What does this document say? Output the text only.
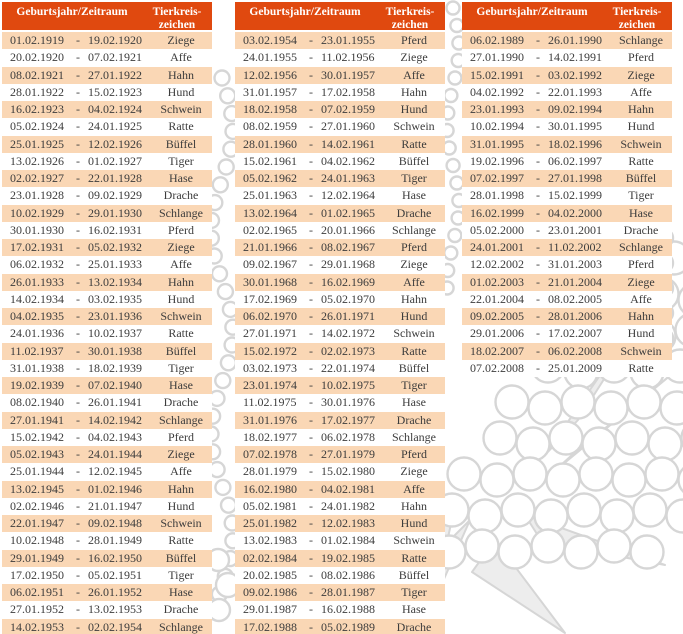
Geburtsjahr/Zeitraum	Tierkreis-
zeichen
01.02.1919	- 19.02.1920	Ziege
20.02.1920	- 07.02.1921	Affe
08.02.1921	- 27.01.1922	Hahn
28.01.1922	- 15.02.1923	Hund
16.02.1923	- 04.02.1924	Schwein
05.02.1924	- 24.01.1925	Ratte
25.01.1925	- 12.02.1926	Büffel
13.02.1926	- 01.02.1927	Tiger
02.02.1927	- 22.01.1928	Hase
23.01.1928	- 09.02.1929	Drache
10.02.1929	- 29.01.1930	Schlange
30.01.1930	- 16.02.1931	Pferd
17.02.1931	- 05.02.1932	Ziege
06.02.1932	- 25.01.1933	Affe
26.01.1933	- 13.02.1934	Hahn
14.02.1934	- 03.02.1935	Hund
04.02.1935	- 23.01.1936	Schwein
24.01.1936	- 10.02.1937	Ratte
11.02.1937	- 30.01.1938	Büffel
31.01.1938	- 18.02.1939	Tiger
19.02.1939	- 07.02.1940	Hase
08.02.1940	- 26.01.1941	Drache
27.01.1941	- 14.02.1942	Schlange
15.02.1942	- 04.02.1943	Pferd
05.02.1943	- 24.01.1944	Ziege
25.01.1944	- 12.02.1945	Affe
13.02.1945	- 01.02.1946	Hahn
02.02.1946	- 21.01.1947	Hund
22.01.1947	- 09.02.1948	Schwein
10.02.1948	- 28.01.1949	Ratte
29.01.1949	- 16.02.1950	Büffel
17.02.1950	- 05.02.1951	Tiger
06.02.1951	- 26.01.1952	Hase
27.01.1952	- 13.02.1953	Drache
14.02.1953	- 02.02.1954	Schlange
Geburtsjahr/Zeitraum	Tierkreis-
zeichen
03.02.1954	- 23.01.1955	Pferd
24.01.1955	- 11.02.1956	Ziege
12.02.1956	- 30.01.1957	Affe
31.01.1957	- 17.02.1958	Hahn
18.02.1958	- 07.02.1959	Hund
08.02.1959	- 27.01.1960	Schwein
28.01.1960	- 14.02.1961	Ratte
15.02.1961	- 04.02.1962	Büffel
05.02.1962	- 24.01.1963	Tiger
25.01.1963	- 12.02.1964	Hase
13.02.1964	- 01.02.1965	Drache
02.02.1965	- 20.01.1966	Schlange
21.01.1966	- 08.02.1967	Pferd
09.02.1967	- 29.01.1968	Ziege
30.01.1968	- 16.02.1969	Affe
17.02.1969	- 05.02.1970	Hahn
06.02.1970	- 26.01.1971	Hund
27.01.1971	- 14.02.1972	Schwein
15.02.1972	- 02.02.1973	Ratte
03.02.1973	- 22.01.1974	Büffel
23.01.1974	- 10.02.1975	Tiger
11.02.1975	- 30.01.1976	Hase
31.01.1976	- 17.02.1977	Drache
18.02.1977	- 06.02.1978	Schlange
07.02.1978	- 27.01.1979	Pferd
28.01.1979	- 15.02.1980	Ziege
16.02.1980	- 04.02.1981	Affe
05.02.1981	- 24.01.1982	Hahn
25.01.1982	- 12.02.1983	Hund
13.02.1983	- 01.02.1984	Schwein
02.02.1984	- 19.02.1985	Ratte
20.02.1985	- 08.02.1986	Büffel
09.02.1986	- 28.01.1987	Tiger
29.01.1987	- 16.02.1988	Hase
17.02.1988	- 05.02.1989	Drache
Geburtsjahr/Zeitraum	Tierkreis-
zeichen
06.02.1989	- 26.01.1990	Schlange
27.01.1990	- 14.02.1991	Pferd
15.02.1991	- 03.02.1992	Ziege
04.02.1992	- 22.01.1993	Affe
23.01.1993	- 09.02.1994	Hahn
10.02.1994	- 30.01.1995	Hund
31.01.1995	- 18.02.1996	Schwein
19.02.1996	- 06.02.1997	Ratte
07.02.1997	- 27.01.1998	Büffel
28.01.1998	- 15.02.1999	Tiger
16.02.1999	- 04.02.2000	Hase
05.02.2000	- 23.01.2001	Drache
24.01.2001	- 11.02.2002	Schlange
12.02.2002	- 31.01.2003	Pferd
01.02.2003	- 21.01.2004	Ziege
22.01.2004	- 08.02.2005	Affe
09.02.2005	- 28.01.2006	Hahn
29.01.2006	- 17.02.2007	Hund
18.02.2007	- 06.02.2008	Schwein
07.02.2008	- 25.01.2009	Ratte
